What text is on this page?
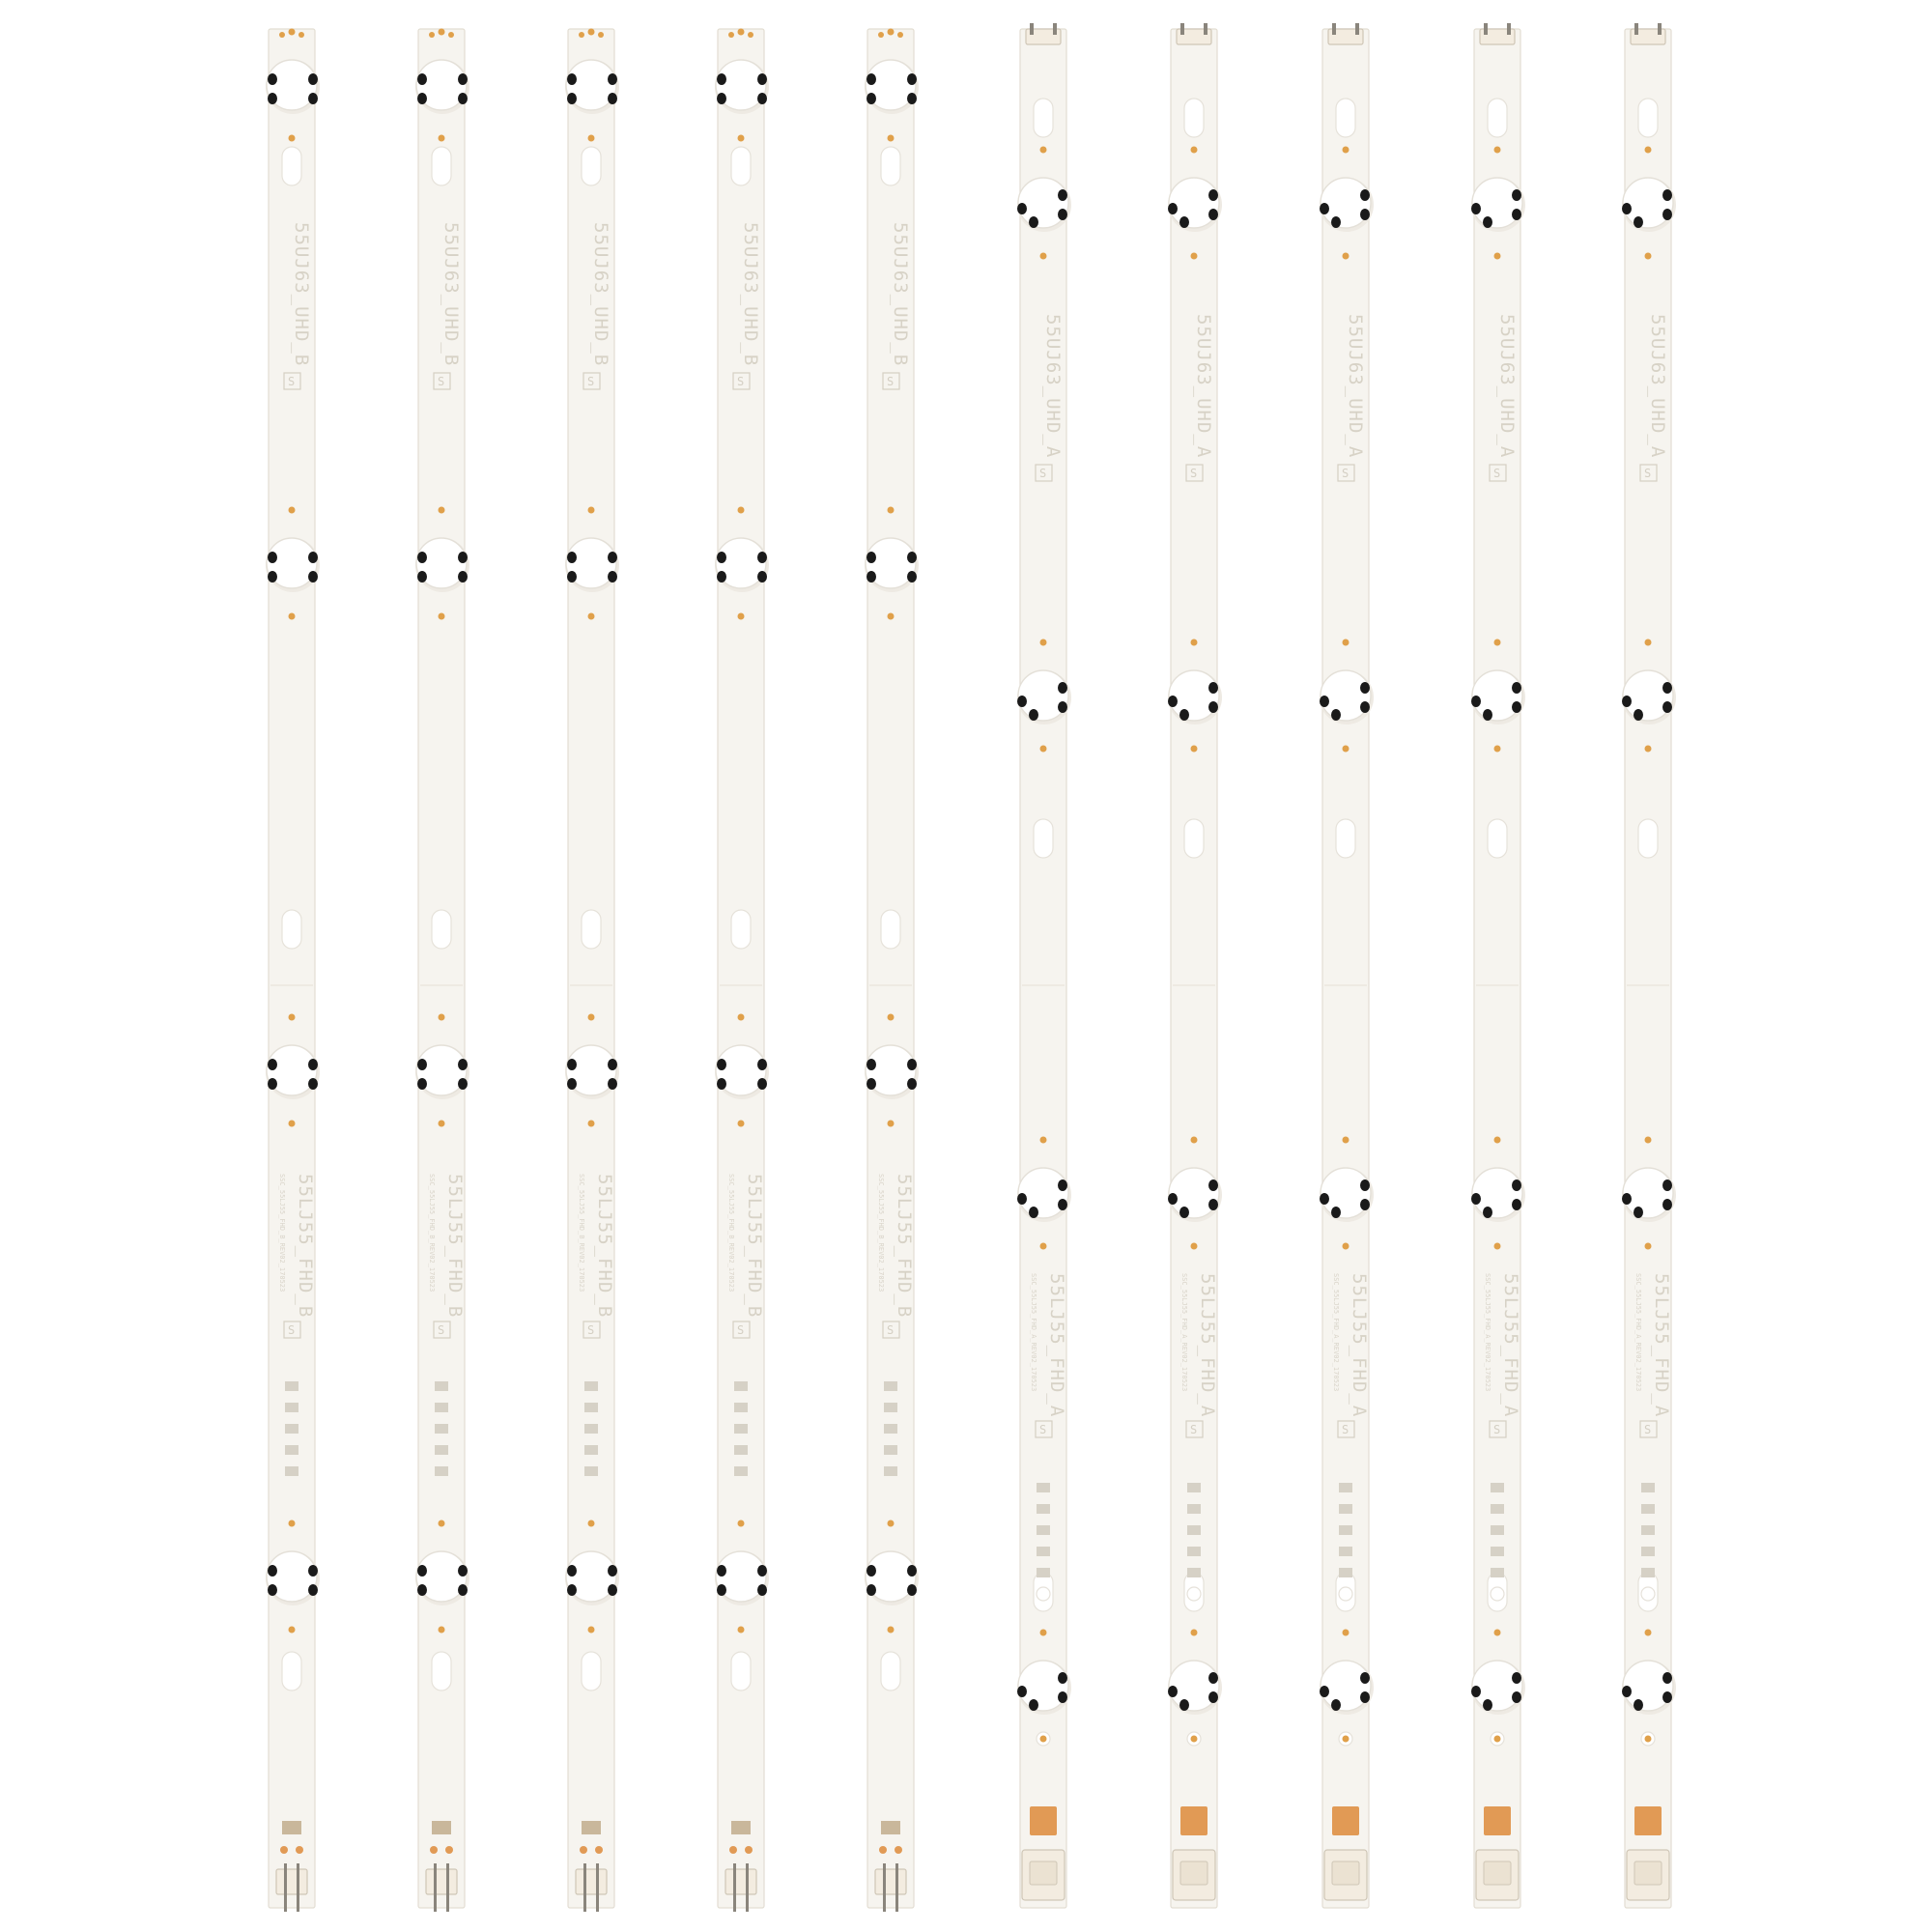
55UJ63_UHD_B
S
55LJ55_FHD_B
SSC_55LJ55_FHD_B_REV02_170523
S
55UJ63_UHD_B
S
55LJ55_FHD_B
SSC_55LJ55_FHD_B_REV02_170523
S
55UJ63_UHD_B
S
55LJ55_FHD_B
SSC_55LJ55_FHD_B_REV02_170523
S
55UJ63_UHD_B
S
55LJ55_FHD_B
SSC_55LJ55_FHD_B_REV02_170523
S
55UJ63_UHD_B
S
55LJ55_FHD_B
SSC_55LJ55_FHD_B_REV02_170523
S
55UJ63_UHD_A
S
55LJ55_FHD_A
SSC_55LJ55_FHD_A_REV02_170523
S
55UJ63_UHD_A
S
55LJ55_FHD_A
SSC_55LJ55_FHD_A_REV02_170523
S
55UJ63_UHD_A
S
55LJ55_FHD_A
SSC_55LJ55_FHD_A_REV02_170523
S
55UJ63_UHD_A
S
55LJ55_FHD_A
SSC_55LJ55_FHD_A_REV02_170523
S
55UJ63_UHD_A
S
55LJ55_FHD_A
SSC_55LJ55_FHD_A_REV02_170523
S
